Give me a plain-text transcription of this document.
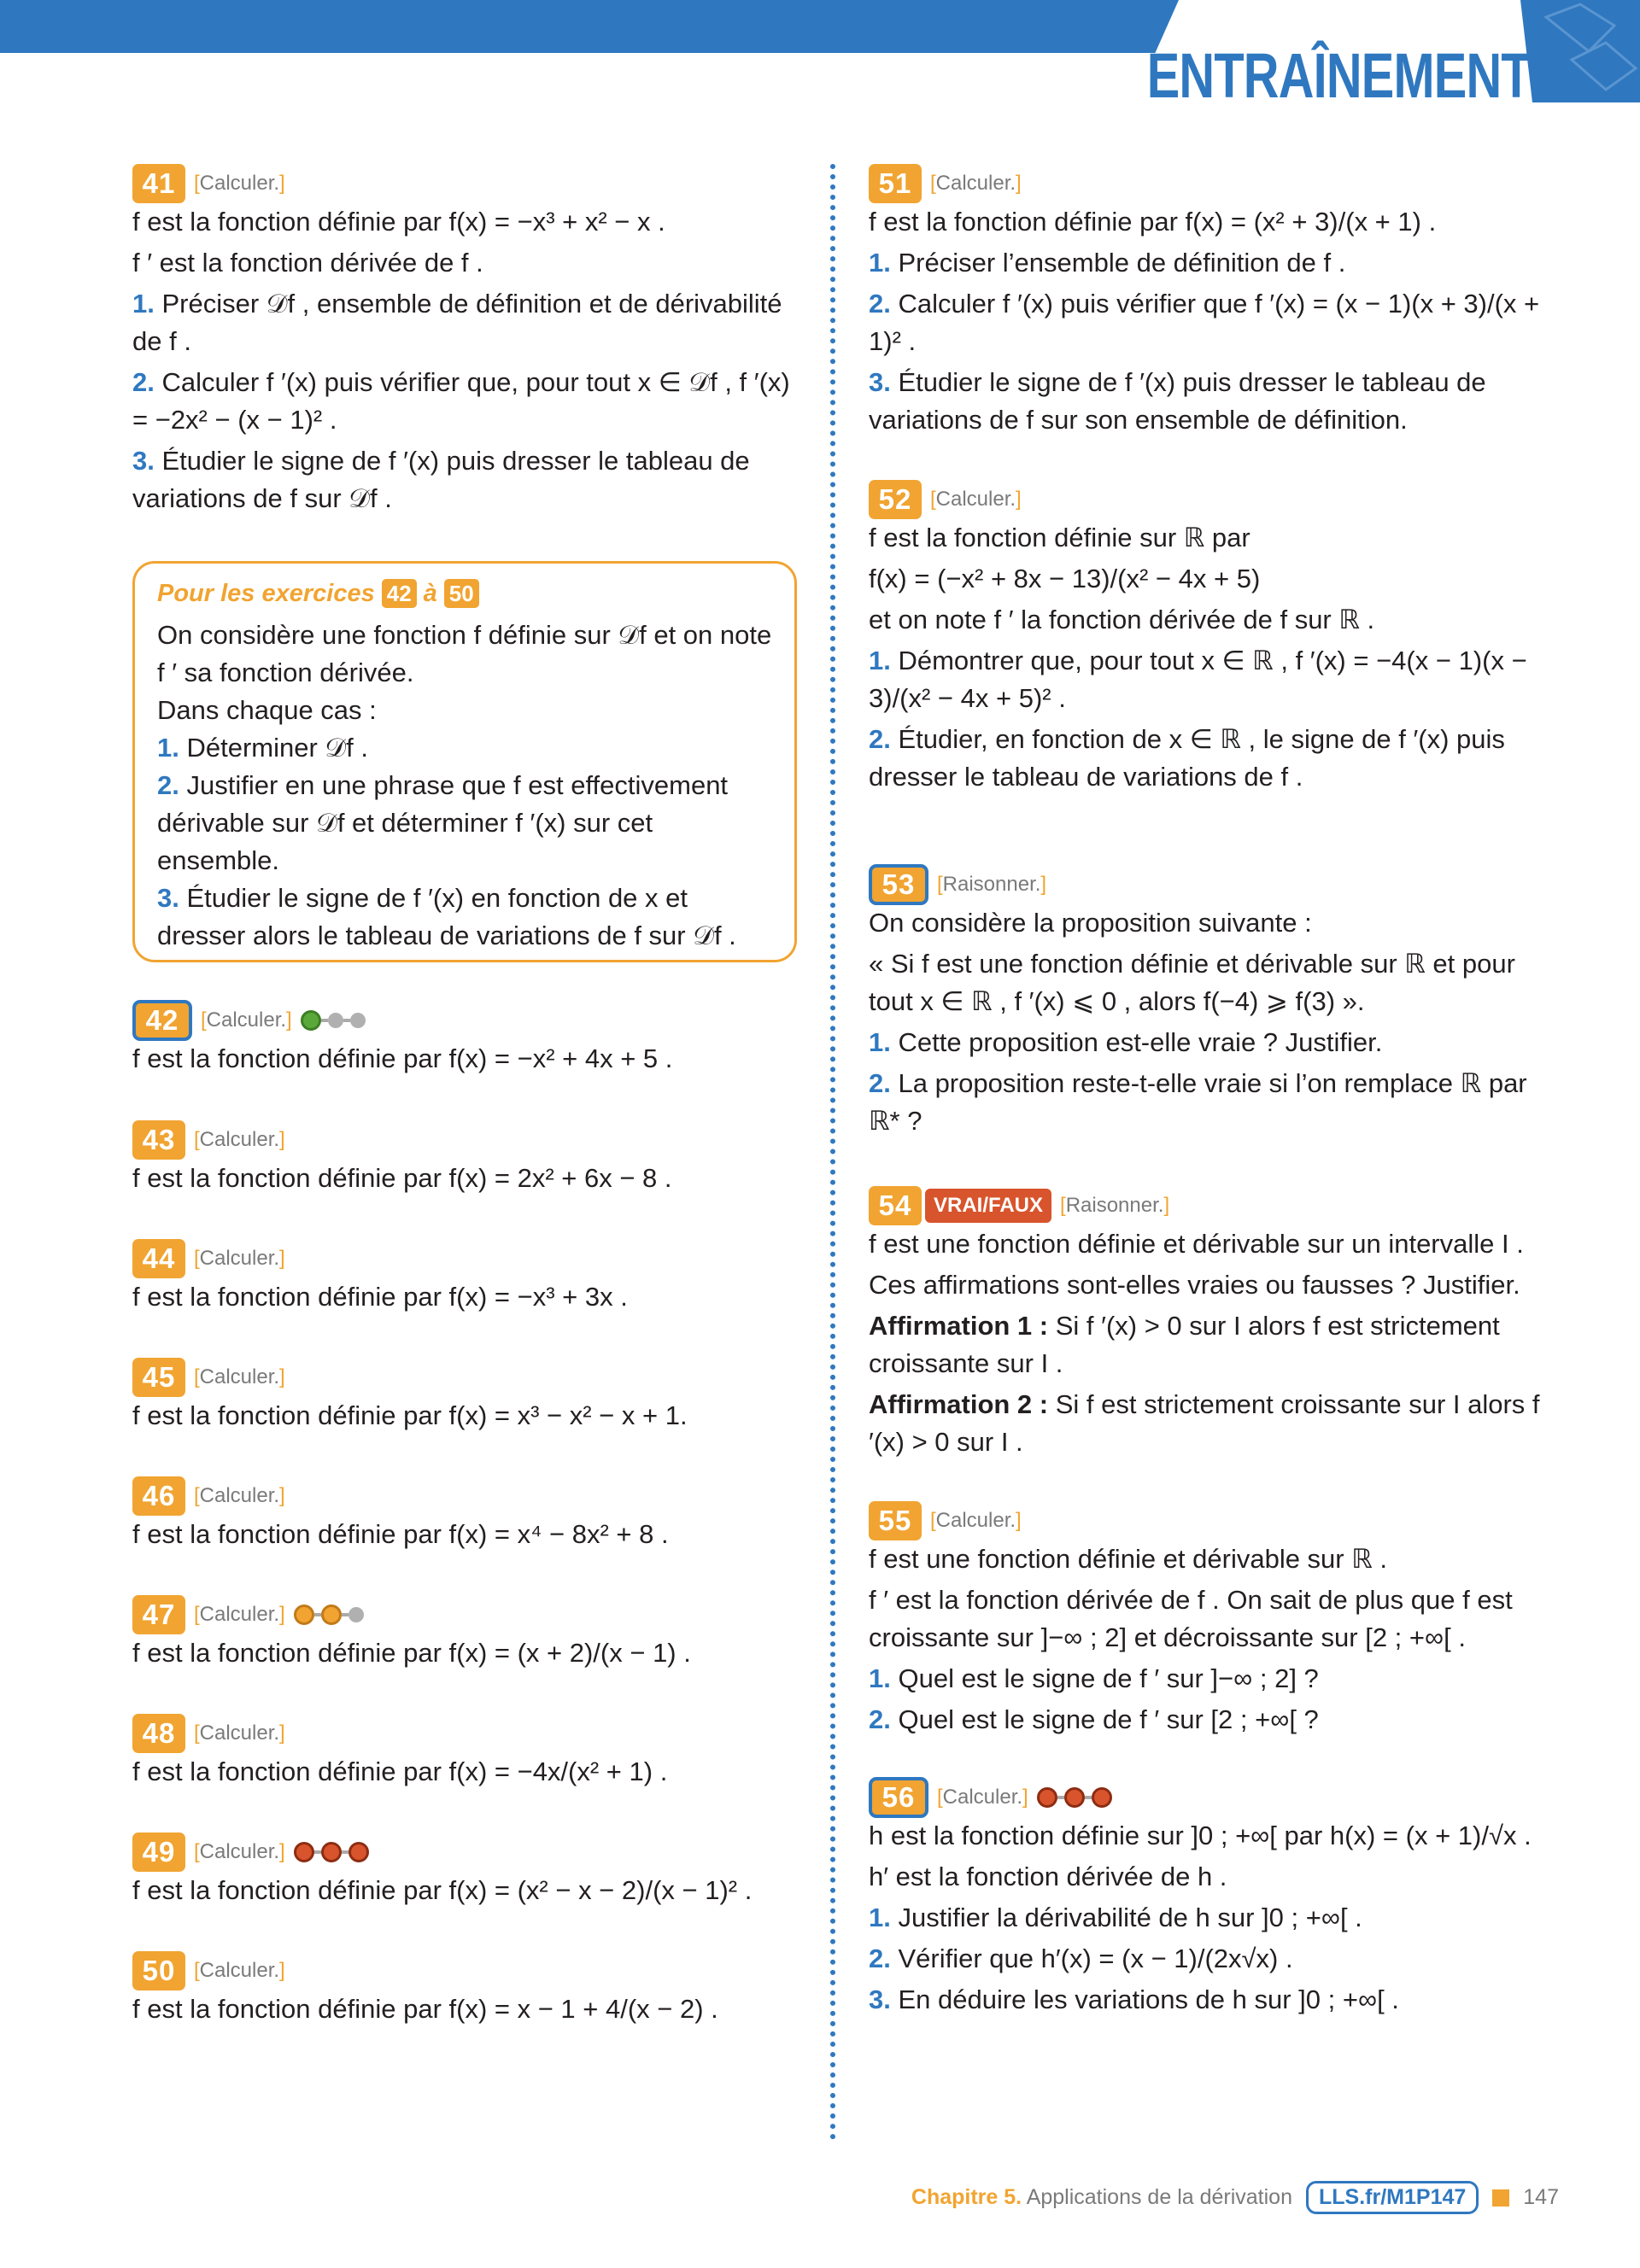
ENTRAÎNEMENT
41 [Calculer.]

f est la fonction définie par f(x) = −x³ + x² − x .

f ′ est la fonction dérivée de f .

1. Préciser 𝒟f , ensemble de définition et de dérivabilité de f .

2. Calculer f ′(x) puis vérifier que, pour tout x ∈ 𝒟f , f ′(x) = −2x² − (x − 1)² .

3. Étudier le signe de f ′(x) puis dresser le tableau de variations de f sur 𝒟f .

Pour les exercices 42 à 50

On considère une fonction f définie sur 𝒟f et on note f ′ sa fonction dérivée.

Dans chaque cas :

1. Déterminer 𝒟f .

2. Justifier en une phrase que f est effectivement dérivable sur 𝒟f et déterminer f ′(x) sur cet ensemble.

3. Étudier le signe de f ′(x) en fonction de x et dresser alors le tableau de variations de f sur 𝒟f .

42	[Calculer.]

f est la fonction définie par f(x) = −x² + 4x + 5 .

43 [Calculer.]

f est la fonction définie par f(x) = 2x² + 6x − 8 .

44 [Calculer.]

f est la fonction définie par f(x) = −x³ + 3x .

45 [Calculer.]

f est la fonction définie par f(x) = x³ − x² − x + 1.

46 [Calculer.]

f est la fonction définie par f(x) = x⁴ − 8x² + 8 .

47 [Calculer.]

f est la fonction définie par f(x) = (x + 2)/(x − 1) .

48 [Calculer.]

f est la fonction définie par f(x) = −4x/(x² + 1) .

49 [Calculer.]

f est la fonction définie par f(x) = (x² − x − 2)/(x − 1)² .

50 [Calculer.]

f est la fonction définie par f(x) = x − 1 + 4/(x − 2) .

51 [Calculer.]

f est la fonction définie par f(x) = (x² + 3)/(x + 1) .

1. Préciser l’ensemble de définition de f .

2. Calculer f ′(x) puis vérifier que f ′(x) = (x − 1)(x + 3)/(x + 1)² .

3. Étudier le signe de f ′(x) puis dresser le tableau de variations de f sur son ensemble de définition.

52 [Calculer.]

f est la fonction définie sur ℝ par

f(x) = (−x² + 8x − 13)/(x² − 4x + 5)

et on note f ′ la fonction dérivée de f sur ℝ .

1. Démontrer que, pour tout x ∈ ℝ , f ′(x) = −4(x − 1)(x − 3)/(x² − 4x + 5)² .

2. Étudier, en fonction de x ∈ ℝ , le signe de f ′(x) puis dresser le tableau de variations de f .

53	[Raisonner.]

On considère la proposition suivante :

« Si f est une fonction définie et dérivable sur ℝ et pour tout x ∈ ℝ , f ′(x) ⩽ 0 , alors f(−4) ⩾ f(3) ».

1. Cette proposition est-elle vraie ? Justifier.

2. La proposition reste-t-elle vraie si l’on remplace ℝ par ℝ* ?

54	VRAI/FAUX [Raisonner.]

f est une fonction définie et dérivable sur un intervalle I .

Ces affirmations sont-elles vraies ou fausses ? Justifier.

Affirmation 1 : Si f ′(x) > 0 sur I alors f est strictement croissante sur I .

Affirmation 2 : Si f est strictement croissante sur I alors f ′(x) > 0 sur I .

55 [Calculer.]

f est une fonction définie et dérivable sur ℝ .

f ′ est la fonction dérivée de f . On sait de plus que f est croissante sur ]−∞ ; 2] et décroissante sur [2 ; +∞[ .

1. Quel est le signe de f ′ sur ]−∞ ; 2] ?

2. Quel est le signe de f ′ sur [2 ; +∞[ ?

56	[Calculer.]

h est la fonction définie sur ]0 ; +∞[ par h(x) = (x + 1)/√x .

h′ est la fonction dérivée de h .

1. Justifier la dérivabilité de h sur ]0 ; +∞[ .

2. Vérifier que h′(x) = (x − 1)/(2x√x) .

3. En déduire les variations de h sur ]0 ; +∞[ .

Chapitre 5. Applications de la dérivation	LLS.fr/M1P147	147
